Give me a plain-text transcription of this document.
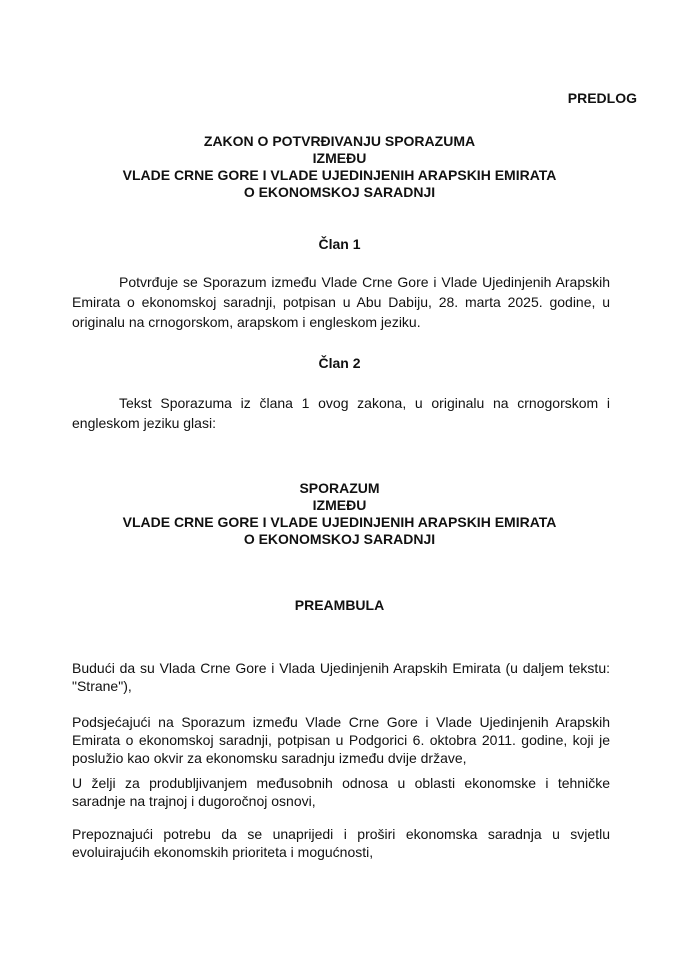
PREDLOG
ZAKON O POTVRĐIVANJU SPORAZUMA
IZMEĐU
VLADE CRNE GORE I VLADE UJEDINJENIH ARAPSKIH EMIRATA
O EKONOMSKOJ SARADNJI
Član 1

Potvrđuje se Sporazum između Vlade Crne Gore i Vlade Ujedinjenih Arapskih Emirata o ekonomskoj saradnji, potpisan u Abu Dabiju, 28. marta 2025. godine, u originalu na crnogorskom, arapskom i engleskom jeziku.

Član 2

Tekst Sporazuma iz člana 1 ovog zakona, u originalu na crnogorskom i engleskom jeziku glasi:

SPORAZUM
IZMEĐU
VLADE CRNE GORE I VLADE UJEDINJENIH ARAPSKIH EMIRATA
O EKONOMSKOJ SARADNJI
PREAMBULA

Budući da su Vlada Crne Gore i Vlada Ujedinjenih Arapskih Emirata (u daljem tekstu: "Strane"),

Podsjećajući na Sporazum između Vlade Crne Gore i Vlade Ujedinjenih Arapskih Emirata o ekonomskoj saradnji, potpisan u Podgorici 6. oktobra 2011. godine, koji je poslužio kao okvir za ekonomsku saradnju između dvije države,

U želji za produbljivanjem međusobnih odnosa u oblasti ekonomske i tehničke saradnje na trajnoj i dugoročnoj osnovi,

Prepoznajući potrebu da se unaprijedi i proširi ekonomska saradnja u svjetlu evoluirajućih ekonomskih prioriteta i mogućnosti,
